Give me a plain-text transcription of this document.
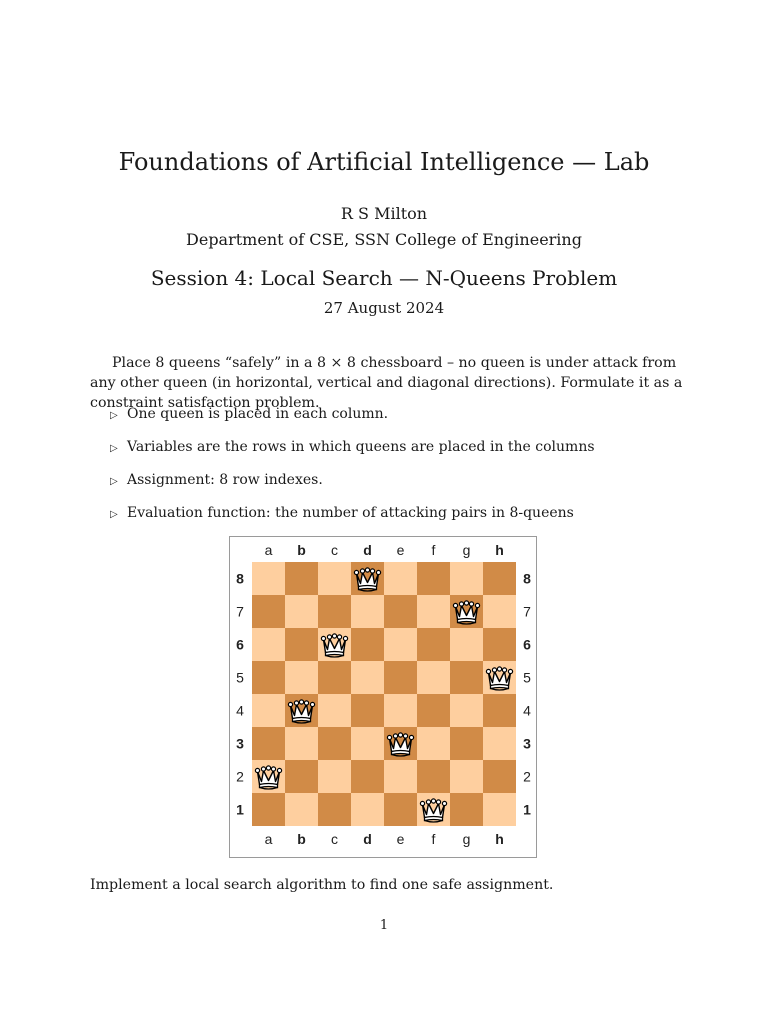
Foundations of Artificial Intelligence — Lab
R S Milton
Department of CSE, SSN College of Engineering
Session 4: Local Search — N-Queens Problem
27 August 2024

Place 8 queens “safely” in a 8 × 8 chessboard – no queen is under attack from any other queen (in horizontal, vertical and diagonal directions). Formulate it as a constraint satisfaction problem.

▷ One queen is placed in each column.
▷ Variables are the rows in which queens are placed in the columns
▷ Assignment: 8 row indexes.
▷ Evaluation function: the number of attacking pairs in 8-queens
a
a
b
b
c
c
d
d
e
e
f
f
g
g
h
h
8	8
7	7
6	6
5	5
4	4
3	3
2	2
1	1

Implement a local search algorithm to find one safe assignment.

1
